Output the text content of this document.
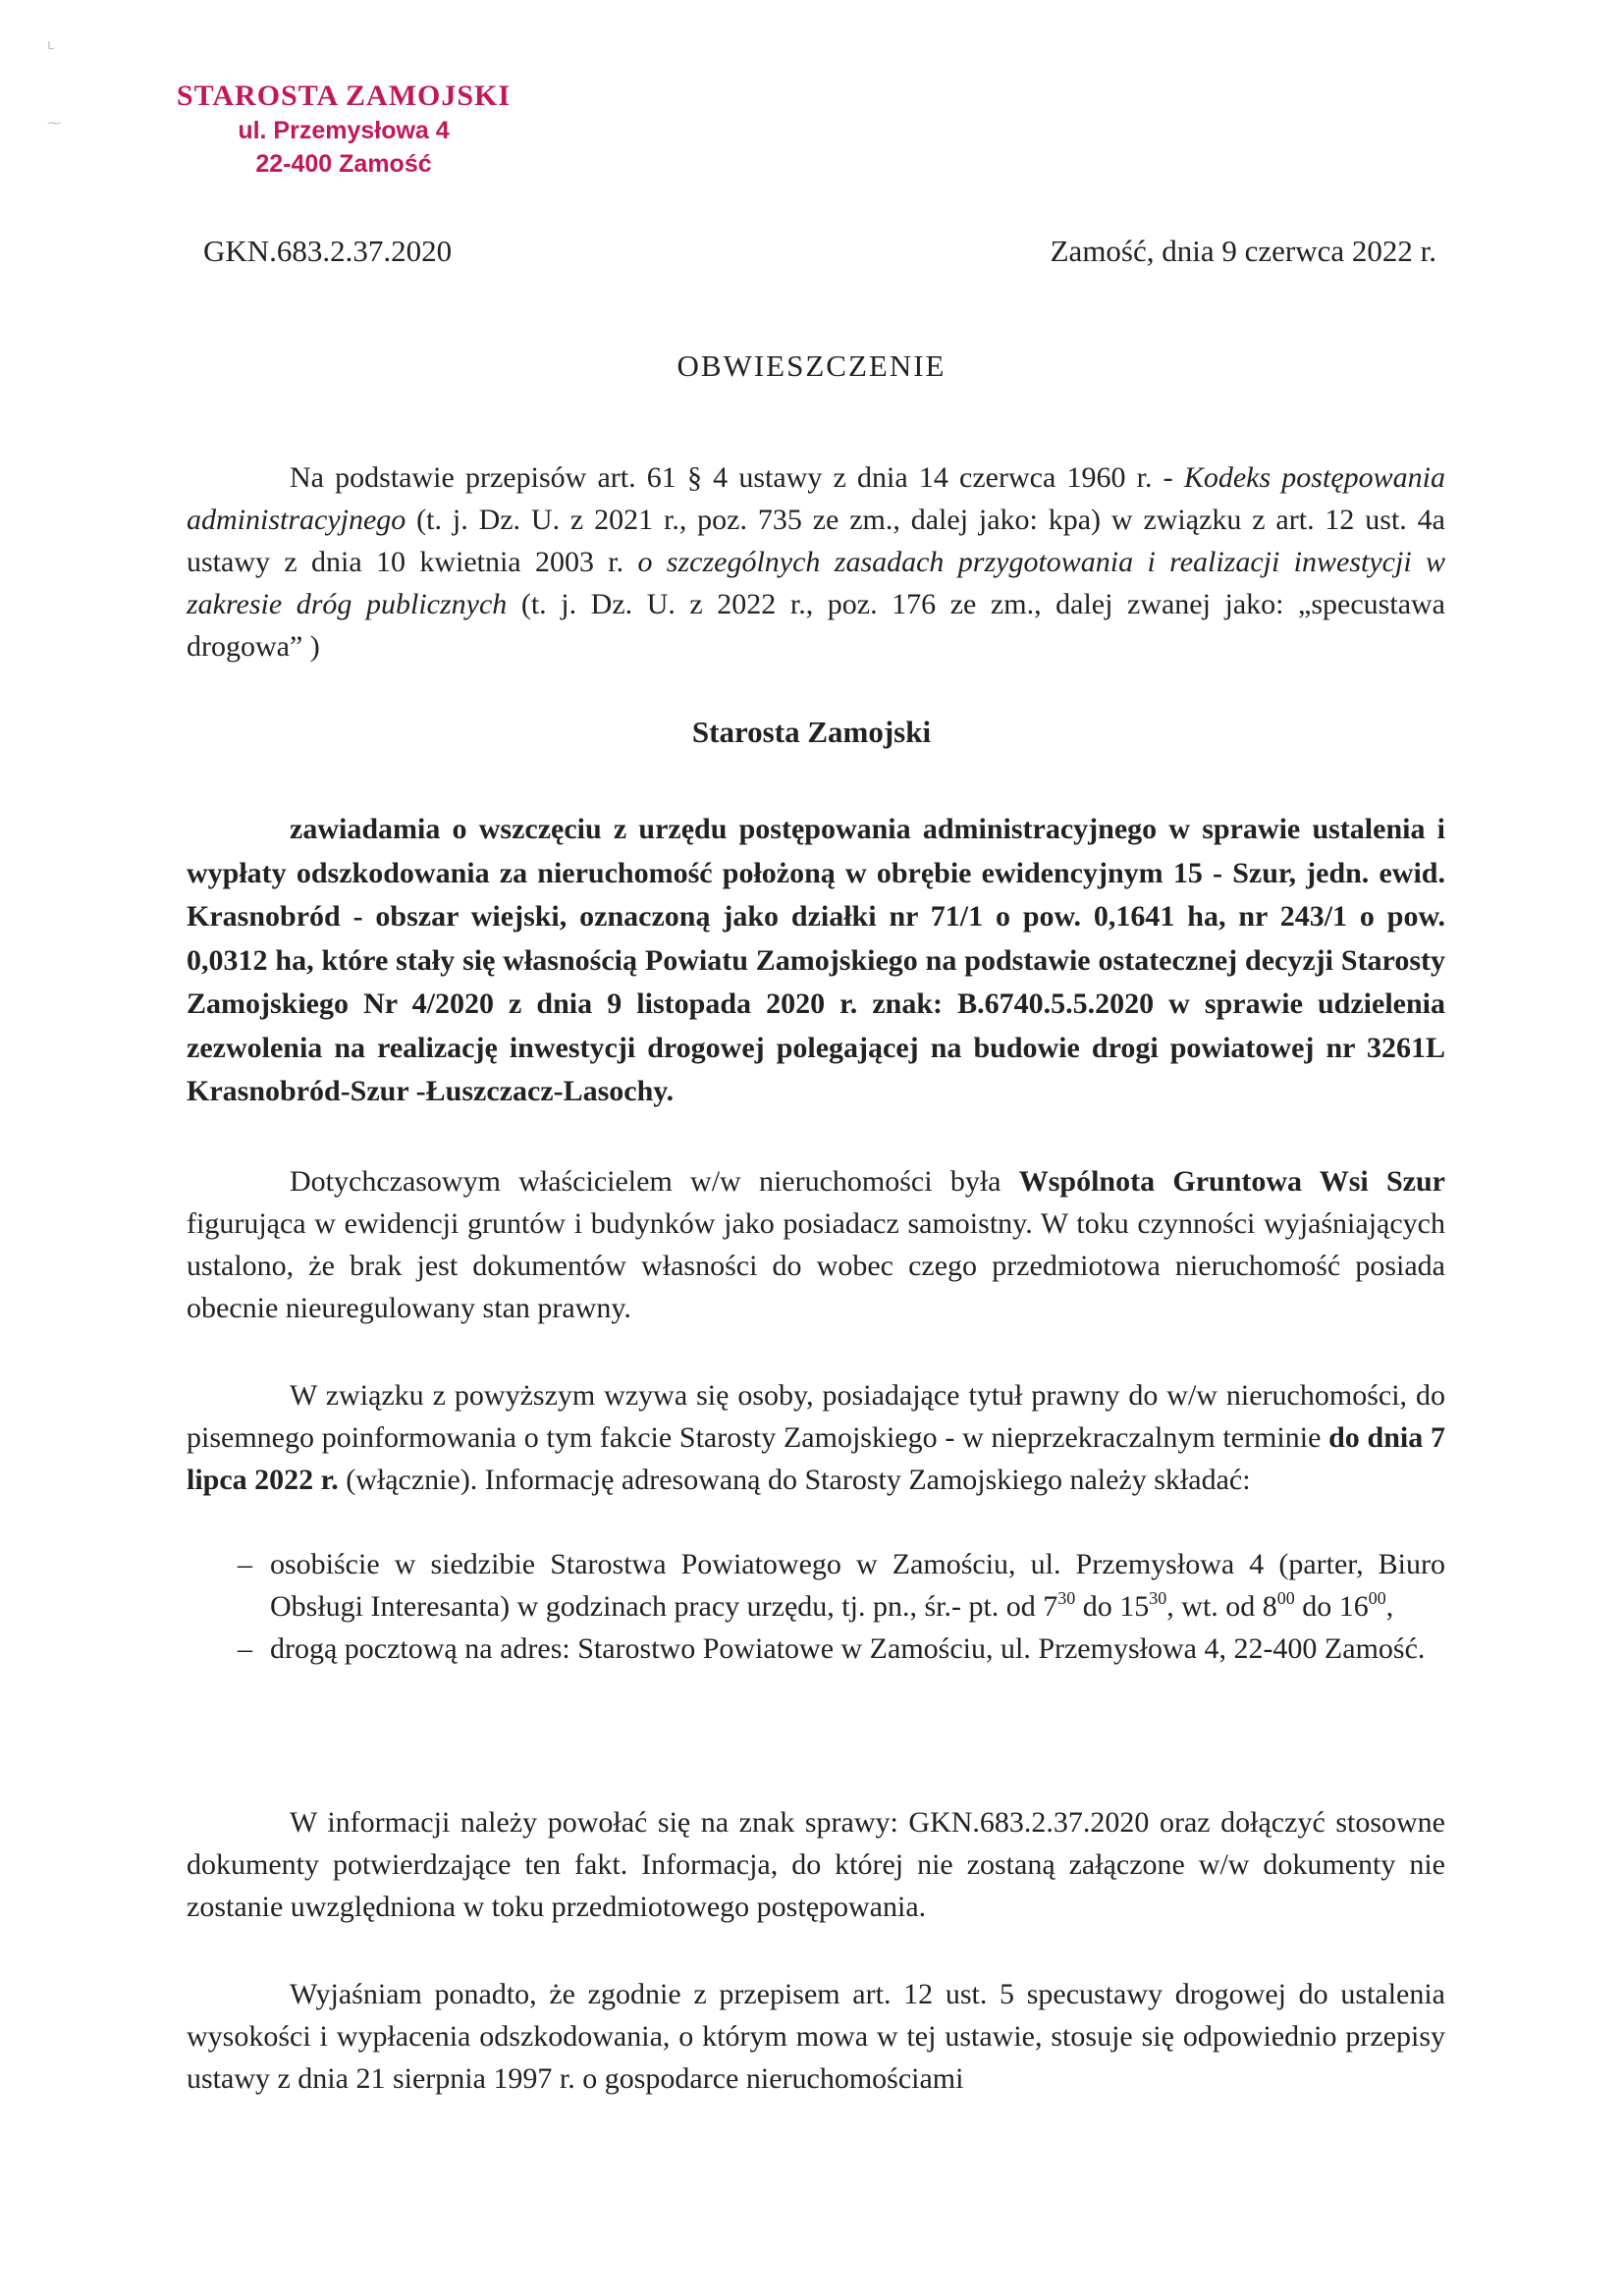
ʟ
⁓
STAROSTA ZAMOJSKI
ul. Przemysłowa 4
22-400 Zamość
GKN.683.2.37.2020	Zamość, dnia 9 czerwca 2022 r.
OBWIESZCZENIE

Na podstawie przepisów art. 61 § 4 ustawy z dnia 14 czerwca 1960 r. - Kodeks postępowania administracyjnego (t. j. Dz. U. z 2021 r., poz. 735 ze zm., dalej jako: kpa) w związku z art. 12 ust. 4a ustawy z dnia 10 kwietnia 2003 r. o szczególnych zasadach przygotowania i realizacji inwestycji w zakresie dróg publicznych (t. j. Dz. U. z 2022 r., poz. 176 ze zm., dalej zwanej jako: „specustawa drogowa” )

Starosta Zamojski

zawiadamia o wszczęciu z urzędu postępowania administracyjnego w sprawie ustalenia i wypłaty odszkodowania za nieruchomość położoną w obrębie ewidencyjnym 15 - Szur, jedn. ewid. Krasnobród - obszar wiejski, oznaczoną jako działki nr 71/1 o pow. 0,1641 ha, nr 243/1 o pow. 0,0312 ha, które stały się własnością Powiatu Zamojskiego na podstawie ostatecznej decyzji Starosty Zamojskiego Nr 4/2020 z dnia 9 listopada 2020 r. znak: B.6740.5.5.2020 w sprawie udzielenia zezwolenia na realizację inwestycji drogowej polegającej na budowie drogi powiatowej nr 3261L Krasnobród-Szur -Łuszczacz-Lasochy.

Dotychczasowym właścicielem w/w nieruchomości była Wspólnota Gruntowa Wsi Szur figurująca w ewidencji gruntów i budynków jako posiadacz samoistny. W toku czynności wyjaśniających ustalono, że brak jest dokumentów własności do wobec czego przedmiotowa nieruchomość posiada obecnie nieuregulowany stan prawny.

W związku z powyższym wzywa się osoby, posiadające tytuł prawny do w/w nieruchomości, do pisemnego poinformowania o tym fakcie Starosty Zamojskiego - w nieprzekraczalnym terminie do dnia 7 lipca 2022 r. (włącznie). Informację adresowaną do Starosty Zamojskiego należy składać:

– osobiście w siedzibie Starostwa Powiatowego w Zamościu, ul. Przemysłowa 4 (parter, Biuro Obsługi Interesanta) w godzinach pracy urzędu, tj. pn., śr.- pt. od $7^{30}$ do $15^{30}$, wt. od $8^{00}$ do $16^{00}$,
– drogą pocztową na adres: Starostwo Powiatowe w Zamościu, ul. Przemysłowa 4, 22-400 Zamość.

W informacji należy powołać się na znak sprawy: GKN.683.2.37.2020 oraz dołączyć stosowne dokumenty potwierdzające ten fakt. Informacja, do której nie zostaną załączone w/w dokumenty nie zostanie uwzględniona w toku przedmiotowego postępowania.

Wyjaśniam ponadto, że zgodnie z przepisem art. 12 ust. 5 specustawy drogowej do ustalenia wysokości i wypłacenia odszkodowania, o którym mowa w tej ustawie, stosuje się odpowiednio przepisy ustawy z dnia 21 sierpnia 1997 r. o gospodarce nieruchomościami
